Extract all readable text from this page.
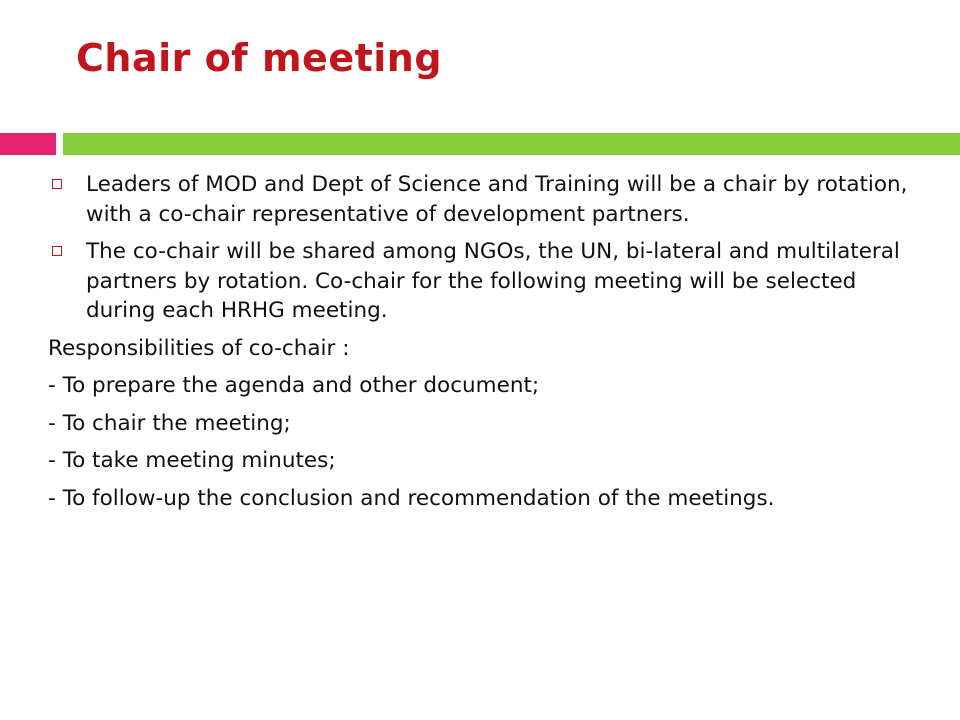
Chair of meeting
Leaders of MOD and Dept of Science and Training will be a chair by rotation, with a co-chair representative of development partners.
The co-chair will be shared among NGOs, the UN, bi-lateral and multilateral partners by rotation. Co-chair for the following meeting will be selected during each HRHG meeting.
Responsibilities of co-chair :
- To prepare the agenda and other document;
- To chair the meeting;
- To take meeting minutes;
- To follow-up the conclusion and recommendation of the meetings.
